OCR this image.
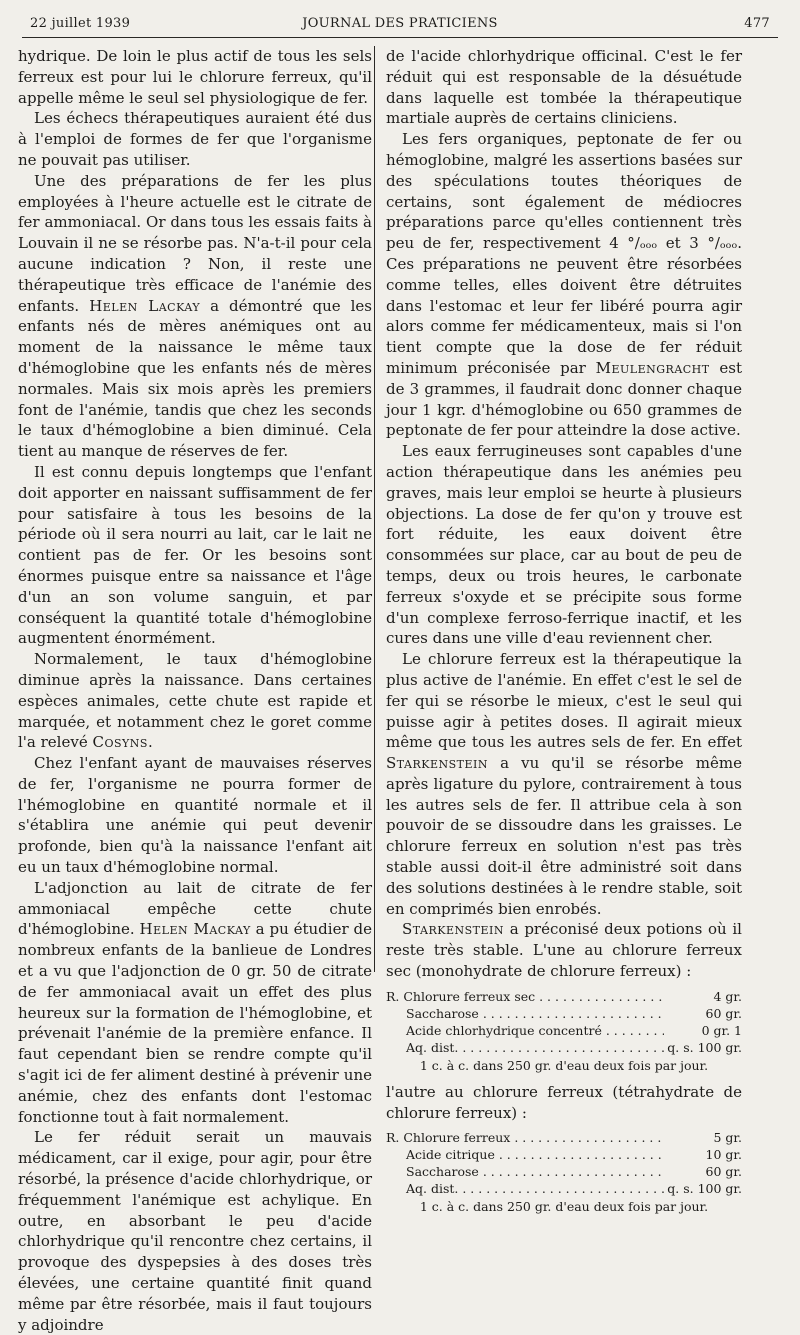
22 juillet 1939	JOURNAL DES PRATICIENS	477

hydrique. De loin le plus actif de tous les sels ferreux est pour lui le chlorure ferreux, qu'il appelle même le seul sel physiologique de fer.

Les échecs thérapeutiques auraient été dus à l'emploi de formes de fer que l'organisme ne pouvait pas utiliser.

Une des préparations de fer les plus employées à l'heure actuelle est le citrate de fer ammoniacal. Or dans tous les essais faits à Louvain il ne se résorbe pas. N'a-t-il pour cela aucune indication ? Non, il reste une thérapeutique très efficace de l'anémie des enfants. Helen Lackay a démontré que les enfants nés de mères anémiques ont au moment de la naissance le même taux d'hémoglobine que les enfants nés de mères normales. Mais six mois après les premiers font de l'anémie, tandis que chez les seconds le taux d'hémoglobine a bien diminué. Cela tient au manque de réserves de fer.

Il est connu depuis longtemps que l'enfant doit apporter en naissant suffisamment de fer pour satisfaire à tous les besoins de la période où il sera nourri au lait, car le lait ne contient pas de fer. Or les besoins sont énormes puisque entre sa naissance et l'âge d'un an son volume sanguin, et par conséquent la quantité totale d'hémoglobine augmentent énormément.

Normalement, le taux d'hémoglobine diminue après la naissance. Dans certaines espèces animales, cette chute est rapide et marquée, et notamment chez le goret comme l'a relevé Cosyns.

Chez l'enfant ayant de mauvaises réserves de fer, l'organisme ne pourra former de l'hémoglobine en quantité normale et il s'établira une anémie qui peut devenir profonde, bien qu'à la naissance l'enfant ait eu un taux d'hémoglobine normal.

L'adjonction au lait de citrate de fer ammoniacal empêche cette chute d'hémoglobine. Helen Mackay a pu étudier de nombreux enfants de la banlieue de Londres et a vu que l'adjonction de 0 gr. 50 de citrate de fer ammoniacal avait un effet des plus heureux sur la formation de l'hémoglobine, et prévenait l'anémie de la première enfance. Il faut cependant bien se rendre compte qu'il s'agit ici de fer aliment destiné à prévenir une anémie, chez des enfants dont l'estomac fonctionne tout à fait normalement.

Le fer réduit serait un mauvais médicament, car il exige, pour agir, pour être résorbé, la présence d'acide chlorhydrique, or fréquemment l'anémique est achylique. En outre, en absorbant le peu d'acide chlorhydrique qu'il rencontre chez certains, il provoque des dyspepsies à des doses très élevées, une certaine quantité finit quand même par être résorbée, mais il faut toujours y adjoindre

de l'acide chlorhydrique officinal. C'est le fer réduit qui est responsable de la désuétude dans laquelle est tombée la thérapeutique martiale auprès de certains cliniciens.

Les fers organiques, peptonate de fer ou hémoglobine, malgré les assertions basées sur des spéculations toutes théoriques de certains, sont également de médiocres préparations parce qu'elles contiennent très peu de fer, respectivement 4 °/ₒₒₒ et 3 °/ₒₒₒ. Ces préparations ne peuvent être résorbées comme telles, elles doivent être détruites dans l'estomac et leur fer libéré pourra agir alors comme fer médicamenteux, mais si l'on tient compte que la dose de fer réduit minimum préconisée par Meulengracht est de 3 grammes, il faudrait donc donner chaque jour 1 kgr. d'hémoglobine ou 650 grammes de peptonate de fer pour atteindre la dose active.

Les eaux ferrugineuses sont capables d'une action thérapeutique dans les anémies peu graves, mais leur emploi se heurte à plusieurs objections. La dose de fer qu'on y trouve est fort réduite, les eaux doivent être consommées sur place, car au bout de peu de temps, deux ou trois heures, le carbonate ferreux s'oxyde et se précipite sous forme d'un complexe ferroso-ferrique inactif, et les cures dans une ville d'eau reviennent cher.

Le chlorure ferreux est la thérapeutique la plus active de l'anémie. En effet c'est le sel de fer qui se résorbe le mieux, c'est le seul qui puisse agir à petites doses. Il agirait mieux même que tous les autres sels de fer. En effet Starkenstein a vu qu'il se résorbe même après ligature du pylore, contrairement à tous les autres sels de fer. Il attribue cela à son pouvoir de se dissoudre dans les graisses. Le chlorure ferreux en solution n'est pas très stable aussi doit-il être administré soit dans des solutions destinées à le rendre stable, soit en comprimés bien enrobés.

Starkenstein a préconisé deux potions où il reste très stable. L'une au chlorure ferreux sec (monohydrate de chlorure ferreux) :

R. Chlorure ferreux sec . . .	4 gr.
Saccharose . . .	60 gr.
Acide chlorhydrique concentré . . .	0 gr. 1
Aq. dist. . . .	q. s. 100 gr.
1 c. à c. dans 250 gr. d'eau deux fois par jour.

l'autre au chlorure ferreux (tétrahydrate de chlorure ferreux) :

R. Chlorure ferreux . . .	5 gr.
Acide citrique . . .	10 gr.
Saccharose . . .	60 gr.
Aq. dist. . . .	q. s. 100 gr.
1 c. à c. dans 250 gr. d'eau deux fois par jour.
